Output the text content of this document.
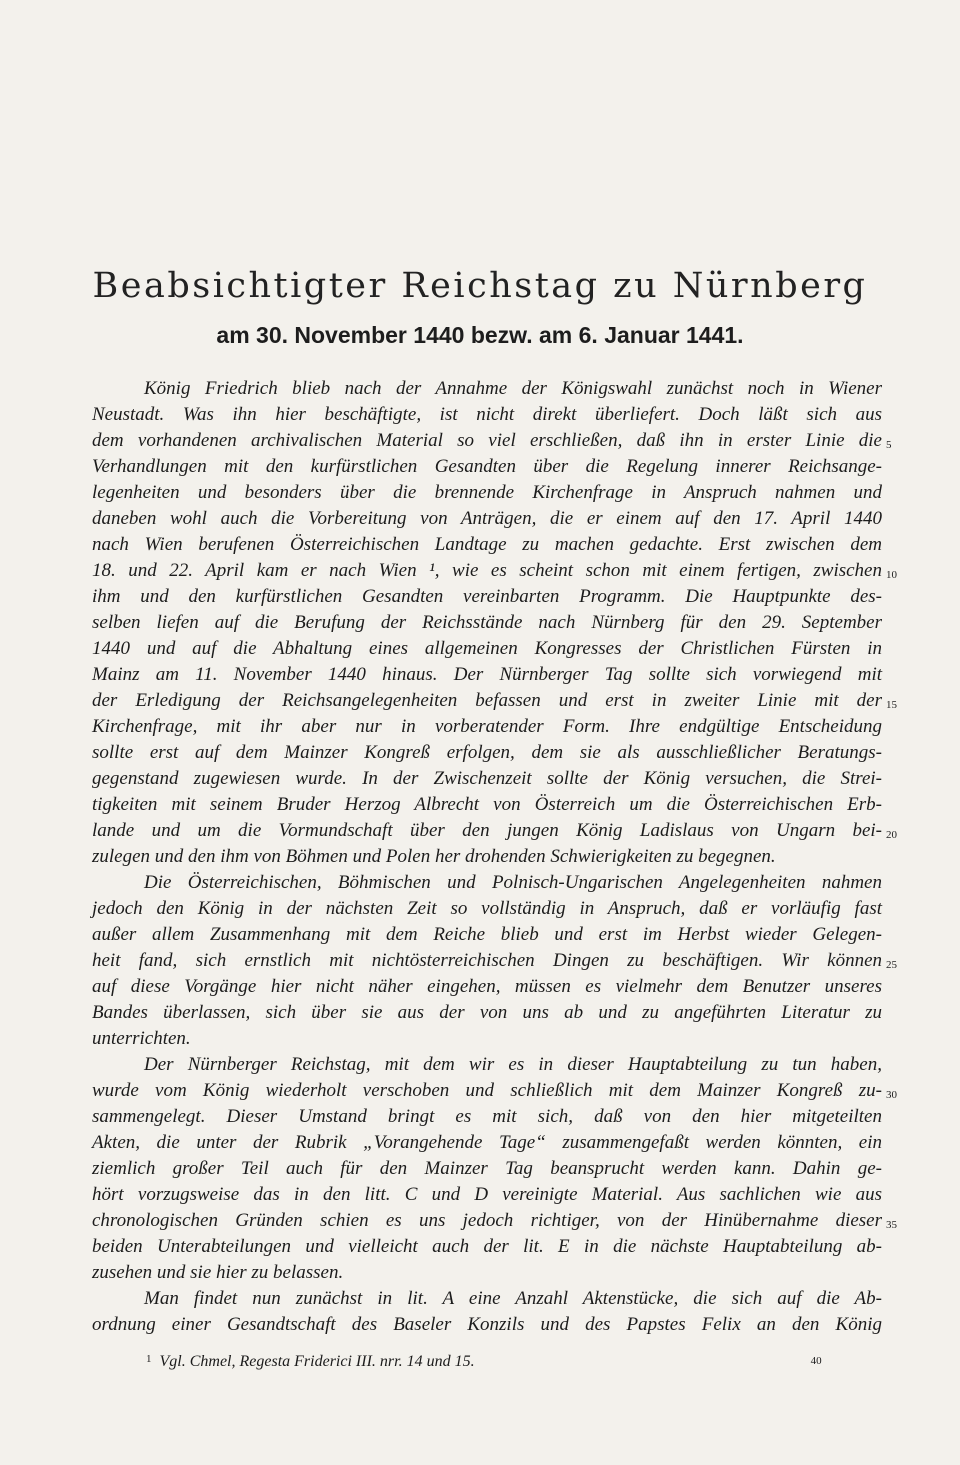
Beabsichtigter Reichstag zu Nürnberg
am 30. November 1440 bezw. am 6. Januar 1441.
König Friedrich blieb nach der Annahme der Königswahl zunächst noch in Wiener
Neustadt. Was ihn hier beschäftigte, ist nicht direkt überliefert. Doch läßt sich aus
dem vorhandenen archivalischen Material so viel erschließen, daß ihn in erster Linie die
Verhandlungen mit den kurfürstlichen Gesandten über die Regelung innerer Reichsange-
legenheiten und besonders über die brennende Kirchenfrage in Anspruch nahmen und
daneben wohl auch die Vorbereitung von Anträgen, die er einem auf den 17. April 1440
nach Wien berufenen Österreichischen Landtage zu machen gedachte. Erst zwischen dem
18. und 22. April kam er nach Wien ¹, wie es scheint schon mit einem fertigen, zwischen
ihm und den kurfürstlichen Gesandten vereinbarten Programm. Die Hauptpunkte des-
selben liefen auf die Berufung der Reichsstände nach Nürnberg für den 29. September
1440 und auf die Abhaltung eines allgemeinen Kongresses der Christlichen Fürsten in
Mainz am 11. November 1440 hinaus. Der Nürnberger Tag sollte sich vorwiegend mit
der Erledigung der Reichsangelegenheiten befassen und erst in zweiter Linie mit der
Kirchenfrage, mit ihr aber nur in vorberatender Form. Ihre endgültige Entscheidung
sollte erst auf dem Mainzer Kongreß erfolgen, dem sie als ausschließlicher Beratungs-
gegenstand zugewiesen wurde. In der Zwischenzeit sollte der König versuchen, die Strei-
tigkeiten mit seinem Bruder Herzog Albrecht von Österreich um die Österreichischen Erb-
lande und um die Vormundschaft über den jungen König Ladislaus von Ungarn bei-
zulegen und den ihm von Böhmen und Polen her drohenden Schwierigkeiten zu begegnen.
Die Österreichischen, Böhmischen und Polnisch-Ungarischen Angelegenheiten nahmen
jedoch den König in der nächsten Zeit so vollständig in Anspruch, daß er vorläufig fast
außer allem Zusammenhang mit dem Reiche blieb und erst im Herbst wieder Gelegen-
heit fand, sich ernstlich mit nichtösterreichischen Dingen zu beschäftigen. Wir können
auf diese Vorgänge hier nicht näher eingehen, müssen es vielmehr dem Benutzer unseres
Bandes überlassen, sich über sie aus der von uns ab und zu angeführten Literatur zu
unterrichten.
Der Nürnberger Reichstag, mit dem wir es in dieser Hauptabteilung zu tun haben,
wurde vom König wiederholt verschoben und schließlich mit dem Mainzer Kongreß zu-
sammengelegt. Dieser Umstand bringt es mit sich, daß von den hier mitgeteilten
Akten, die unter der Rubrik „Vorangehende Tage“ zusammengefaßt werden könnten, ein
ziemlich großer Teil auch für den Mainzer Tag beansprucht werden kann. Dahin ge-
hört vorzugsweise das in den litt. C und D vereinigte Material. Aus sachlichen wie aus
chronologischen Gründen schien es uns jedoch richtiger, von der Hinübernahme dieser
beiden Unterabteilungen und vielleicht auch der lit. E in die nächste Hauptabteilung ab-
zusehen und sie hier zu belassen.
Man findet nun zunächst in lit. A eine Anzahl Aktenstücke, die sich auf die Ab-
ordnung einer Gesandtschaft des Baseler Konzils und des Papstes Felix an den König
5
10
15
20
25
30
35
$^1$ Vgl. Chmel, Regesta Friderici III. nrr. 14 und 15.	40
